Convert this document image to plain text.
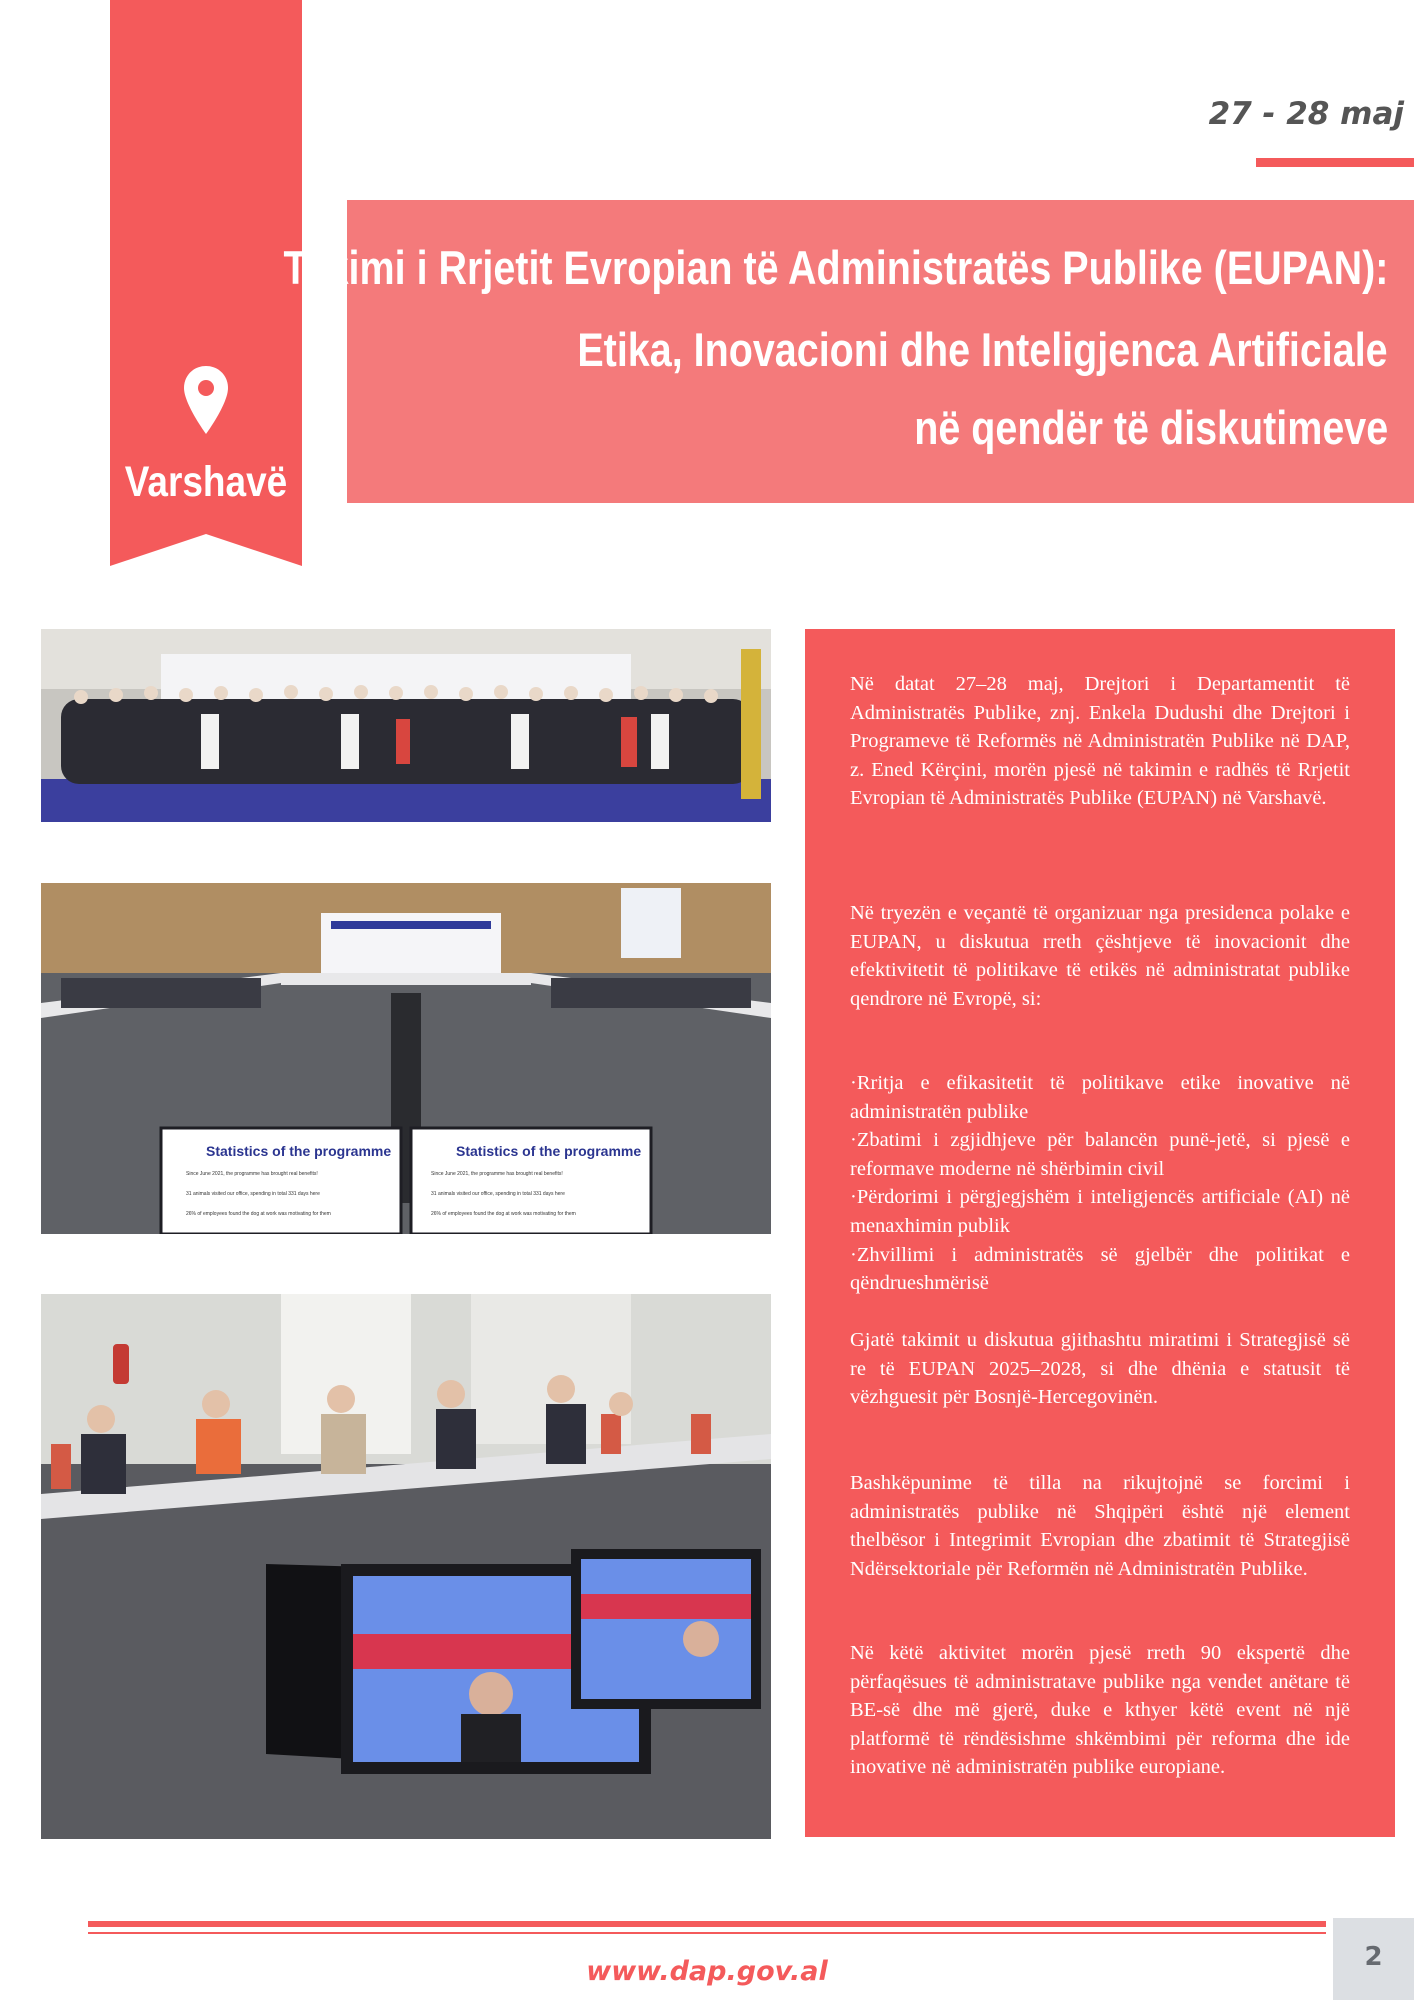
Varshavë
27 - 28 maj
Takimi i Rrjetit Evropian të Administratës Publike (EUPAN):
Etika, Inovacioni dhe Inteligjenca Artificiale
në qendër të diskutimeve
Statistics of the programme	Statistics of the programme
Since June 2021, the programme has brought real benefits!
31 animals visited our office, spending in total 331 days here
26% of employees found the dog at work was motivating for them
Since June 2021, the programme has brought real benefits!
31 animals visited our office, spending in total 331 days here
26% of employees found the dog at work was motivating for them

Në datat 27–28 maj, Drejtori i Departamentit të Administratës Publike, znj. Enkela Dudushi dhe Drejtori i Programeve të Reformës në Administratën Publike në DAP, z. Ened Kërçini, morën pjesë në takimin e radhës të Rrjetit Evropian të Administratës Publike (EUPAN) në Varshavë.

Në tryezën e veçantë të organizuar nga presidenca polake e EUPAN, u diskutua rreth çështjeve të inovacionit dhe efektivitetit të politikave të etikës në administratat publike qendrore në Evropë, si:

·Rritja e efikasitetit të politikave etike inovative në administratën publike
·Zbatimi i zgjidhjeve për balancën punë-jetë, si pjesë e reformave moderne në shërbimin civil
·Përdorimi i përgjegjshëm i inteligjencës artificiale (AI) në menaxhimin publik
·Zhvillimi i administratës së gjelbër dhe politikat e qëndrueshmërisë

Gjatë takimit u diskutua gjithashtu miratimi i Strategjisë së re të EUPAN 2025–2028, si dhe dhënia e statusit të vëzhguesit për Bosnjë-Hercegovinën.

Bashkëpunime të tilla na rikujtojnë se forcimi i administratës publike në Shqipëri është një element thelbësor i Integrimit Evropian dhe zbatimit të Strategjisë Ndërsektoriale për Reformën në Administratën Publike.

Në këtë aktivitet morën pjesë rreth 90 ekspertë dhe përfaqësues të administratave publike nga vendet anëtare të BE-së dhe më gjerë, duke e kthyer këtë event në një platformë të rëndësishme shkëmbimi për reforma dhe ide inovative në administratën publike europiane.

2
www.dap.gov.al
